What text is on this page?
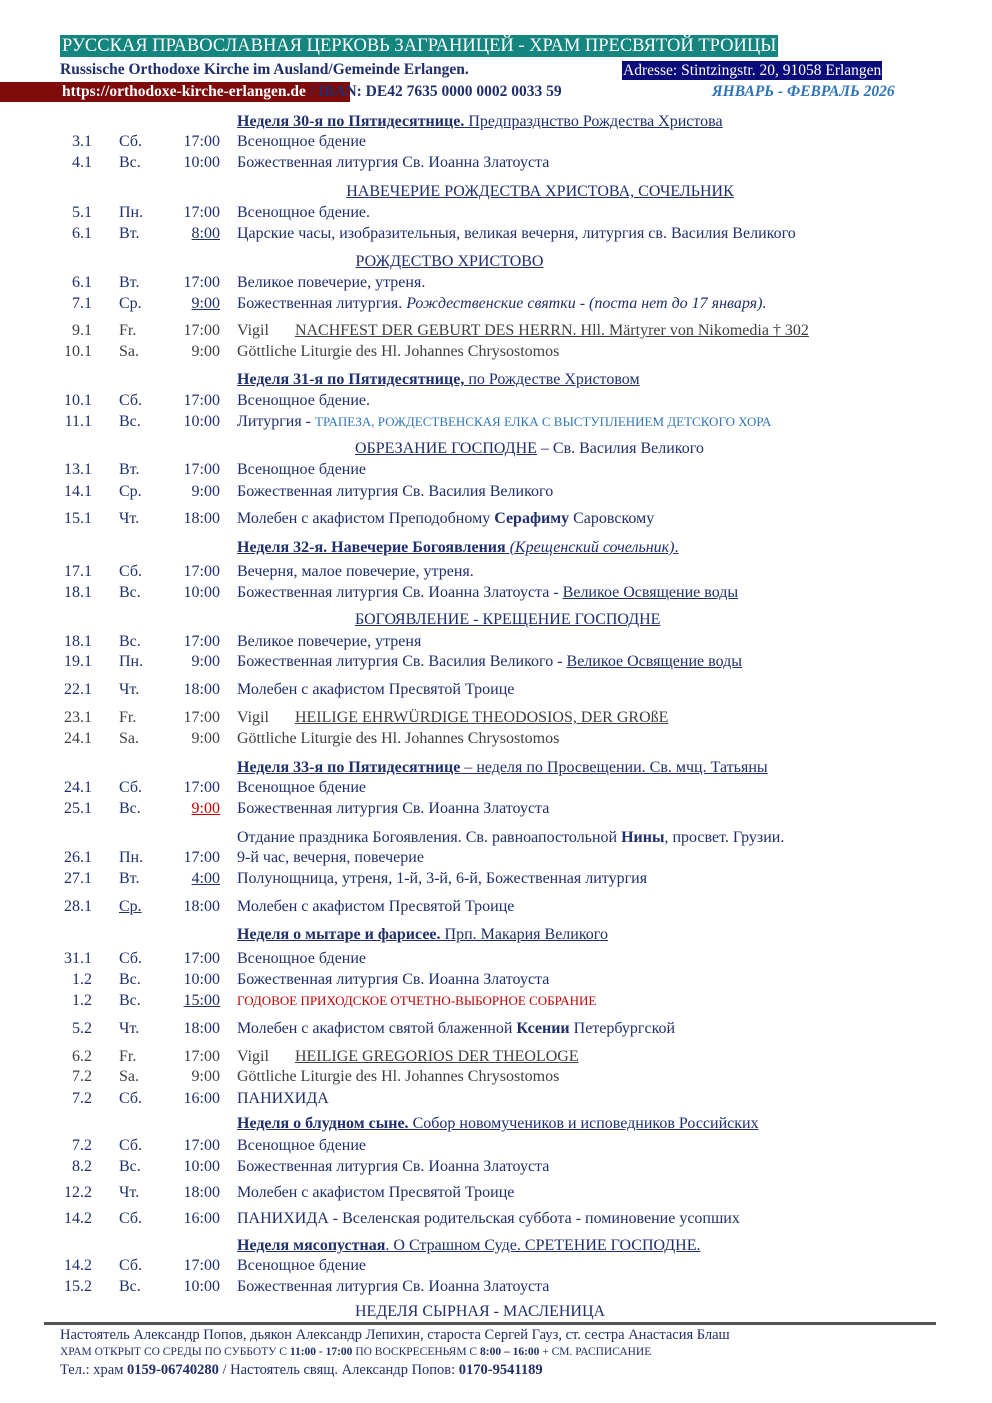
РУССКАЯ ПРАВОСЛАВНАЯ ЦЕРКОВЬ ЗАГРАНИЦЕЙ - ХРАМ ПРЕСВЯТОЙ ТРОИЦЫ
Russische Orthodoxe Kirche im Ausland/Gemeinde Erlangen.	Adresse: Stintzingstr. 20, 91058 Erlangen
https://orthodoxe-kirche-erlangen.de / IBAN: DE42 7635 0000 0002 0033 59	ЯНВАРЬ - ФЕВРАЛЬ 2026
Неделя 30-я по Пятидесятнице. Предпразднство Рождества Христова
НАВЕЧЕРИЕ РОЖДЕСТВА ХРИСТОВА, СОЧЕЛЬНИК
РОЖДЕСТВО ХРИСТОВО
Неделя 31-я по Пятидесятнице, по Рождестве Христовом
ОБРЕЗАНИЕ ГОСПОДНЕ – Св. Василия Великого
Неделя 32-я. Навечерие Богоявления (Крещенский сочельник).
БОГОЯВЛЕНИЕ - КРЕЩЕНИЕ ГОСПОДНЕ
Неделя 33-я по Пятидесятнице – неделя по Просвещении. Св. мчц. Татьяны
Отдание праздника Богоявления. Св. равноапостольной Нины, просвет. Грузии.
Неделя о мытаре и фарисее. Прп. Макария Великого
Неделя о блудном сыне. Собор новомучеников и исповедников Российских
Неделя мясопустная. О Страшном Суде. СРЕТЕНИЕ ГОСПОДНЕ.
НЕДЕЛЯ СЫРНАЯ - МАСЛЕНИЦА
3.1 Сб.	17:00 Всенощное бдение
4.1 Вс.	10:00 Божественная литургия Св. Иоанна Златоуста
5.1 Пн.	17:00 Всенощное бдение.
6.1 Вт.	8:00 Царские часы, изобразительныя, великая вечерня, литургия св. Василия Великого
6.1 Вт.	17:00 Великое повечерие, утреня.
7.1 Ср.	9:00 Божественная литургия. Рождественские святки - (поста нет до 17 января).
9.1 Fr.	17:00 Vigil NACHFEST DER GEBURT DES HERRN. Hll. Märtyrer von Nikomedia † 302
10.1 Sa.	9:00 Göttliche Liturgie des Hl. Johannes Chrysostomos
10.1 Сб.	17:00 Всенощное бдение.
11.1 Вс.	10:00 Литургия - ТРАПЕЗА, РОЖДЕСТВЕНСКАЯ ЕЛКА С ВЫСТУПЛЕНИЕМ ДЕТСКОГО ХОРА
13.1 Вт.	17:00 Всенощное бдение
14.1 Ср.	9:00 Божественная литургия Св. Василия Великого
15.1 Чт.	18:00 Молебен с акафистом Преподобному Серафиму Саровскому
17.1 Сб.	17:00 Вечерня, малое повечерие, утреня.
18.1 Вс.	10:00 Божественная литургия Св. Иоанна Златоуста - Великое Освящение воды
18.1 Вс.	17:00 Великое повечерие, утреня
19.1 Пн.	9:00 Божественная литургия Св. Василия Великого - Великое Освящение воды
22.1 Чт.	18:00 Молебен с акафистом Пресвятой Троице
23.1 Fr.	17:00 Vigil HEILIGE EHRWÜRDIGE THEODOSIOS, DER GROßE
24.1 Sa.	9:00 Göttliche Liturgie des Hl. Johannes Chrysostomos
24.1 Сб.	17:00 Всенощное бдение
25.1 Вс.	9:00 Божественная литургия Св. Иоанна Златоуста
26.1 Пн.	17:00 9-й час, вечерня, повечерие
27.1 Вт.	4:00 Полунощница, утреня, 1-й, 3-й, 6-й, Божественная литургия
28.1 Ср.	18:00 Молебен с акафистом Пресвятой Троице
31.1 Сб.	17:00 Всенощное бдение
1.2 Вс.	10:00 Божественная литургия Св. Иоанна Златоуста
1.2 Вс.	15:00 ГОДОВОЕ ПРИХОДСКОЕ ОТЧЕТНО-ВЫБОРНОЕ СОБРАНИЕ
5.2 Чт.	18:00 Молебен с акафистом святой блаженной Ксении Петербургской
6.2 Fr.	17:00 Vigil HEILIGE GREGORIOS DER THEOLOGE
7.2 Sa.	9:00 Göttliche Liturgie des Hl. Johannes Chrysostomos
7.2 Сб.	16:00 ПАНИХИДА
7.2 Сб.	17:00 Всенощное бдение
8.2 Вс.	10:00 Божественная литургия Св. Иоанна Златоуста
12.2 Чт.	18:00 Молебен с акафистом Пресвятой Троице
14.2 Сб.	16:00 ПАНИХИДА - Вселенская родительская суббота - поминовение усопших
14.2 Сб.	17:00 Всенощное бдение
15.2 Вс.	10:00 Божественная литургия Св. Иоанна Златоуста
Настоятель Александр Попов, дьякон Александр Лепихин, староста Сергей Гауз, ст. сестра Анастасия Блаш
ХРАМ ОТКРЫТ СО СРЕДЫ ПО СУББОТУ С 11:00 - 17:00 ПО ВОСКРЕСЕНЬЯМ С 8:00 – 16:00 + СМ. РАСПИСАНИЕ
Тел.: храм 0159-06740280 / Настоятель свящ. Александр Попов: 0170-9541189
